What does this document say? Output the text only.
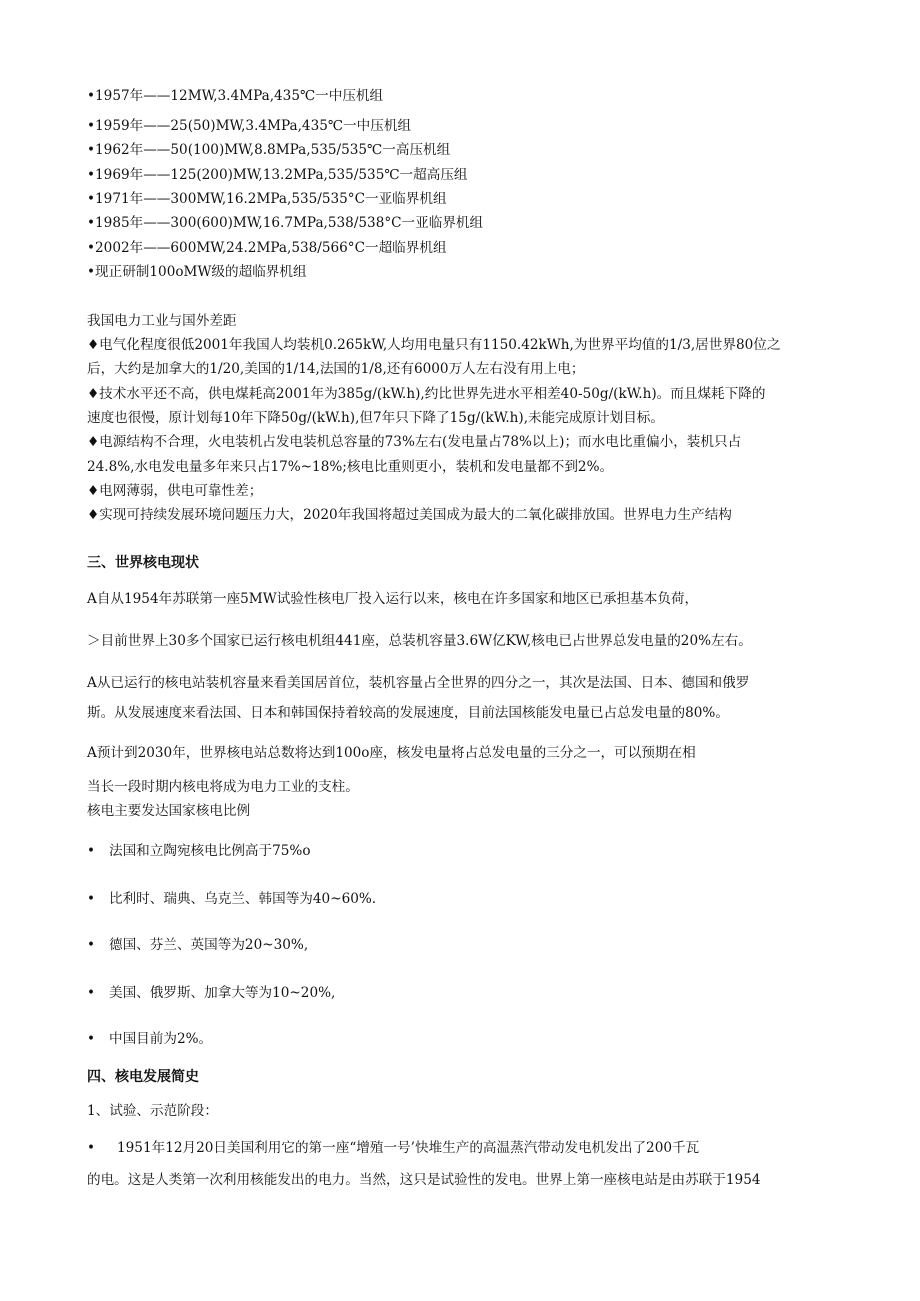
•1957年——12MW,3.4MPa,435℃一中压机组
•1959年——25(50)MW,3.4MPa,435℃一中压机组
•1962年——50(100)MW,8.8MPa,535/535℃一高压机组
•1969年——125(200)MW,13.2MPa,535/535℃一超高压组
•1971年——300MW,16.2MPa,535/535°C一亚临界机组
•1985年——300(600)MW,16.7MPa,538/538°C一亚临界机组
•2002年——600MW,24.2MPa,538/566°C一超临界机组
•现正研制100oMW级的超临界机组
我国电力工业与国外差距
♦电气化程度很低2001年我国人均装机0.265kW,人均用电量只有1150.42kWh,为世界平均值的1/3,居世界80位之
后，大约是加拿大的1/20,美国的1/14,法国的1/8,还有6000万人左右没有用上电；
♦技术水平还不高，供电煤耗高2001年为385g/(kW.h),约比世界先进水平相差40-50g/(kW.h)。而且煤耗下降的
速度也很慢，原计划每10年下降50g/(kW.h),但7年只下降了15g/(kW.h),未能完成原计划目标。
♦电源结构不合理，火电装机占发电装机总容量的73%左右(发电量占78%以上)；而水电比重偏小，装机只占
24.8%,水电发电量多年来只占17%~18%;核电比重则更小，装机和发电量都不到2%。
♦电网薄弱，供电可靠性差；
♦实现可持续发展环境问题压力大，2020年我国将超过美国成为最大的二氧化碳排放国。世界电力生产结构
三、世界核电现状
A自从1954年苏联第一座5MW试验性核电厂投入运行以来，核电在许多国家和地区已承担基本负荷，
＞目前世界上30多个国家已运行核电机组441座，总装机容量3.6W亿KW,核电已占世界总发电量的20%左右。
A从已运行的核电站装机容量来看美国居首位，装机容量占全世界的四分之一，其次是法国、日本、德国和俄罗
斯。从发展速度来看法国、日本和韩国保持着较高的发展速度，目前法国核能发电量已占总发电量的80%。
A预计到2030年，世界核电站总数将达到100o座，核发电量将占总发电量的三分之一，可以预期在相
当长一段时期内核电将成为电力工业的支柱。
核电主要发达国家核电比例
• 法国和立陶宛核电比例高于75%o
• 比利时、瑞典、乌克兰、韩国等为40~60%.
• 德国、芬兰、英国等为20~30%,
• 美国、俄罗斯、加拿大等为10~20%,
• 中国目前为2%。
四、核电发展简史
1、试验、示范阶段：
• 1951年12月20日美国利用它的第一座“增殖一号’快堆生产的高温蒸汽带动发电机发出了200千瓦
的电。这是人类第一次利用核能发出的电力。当然，这只是试验性的发电。世界上第一座核电站是由苏联于1954
